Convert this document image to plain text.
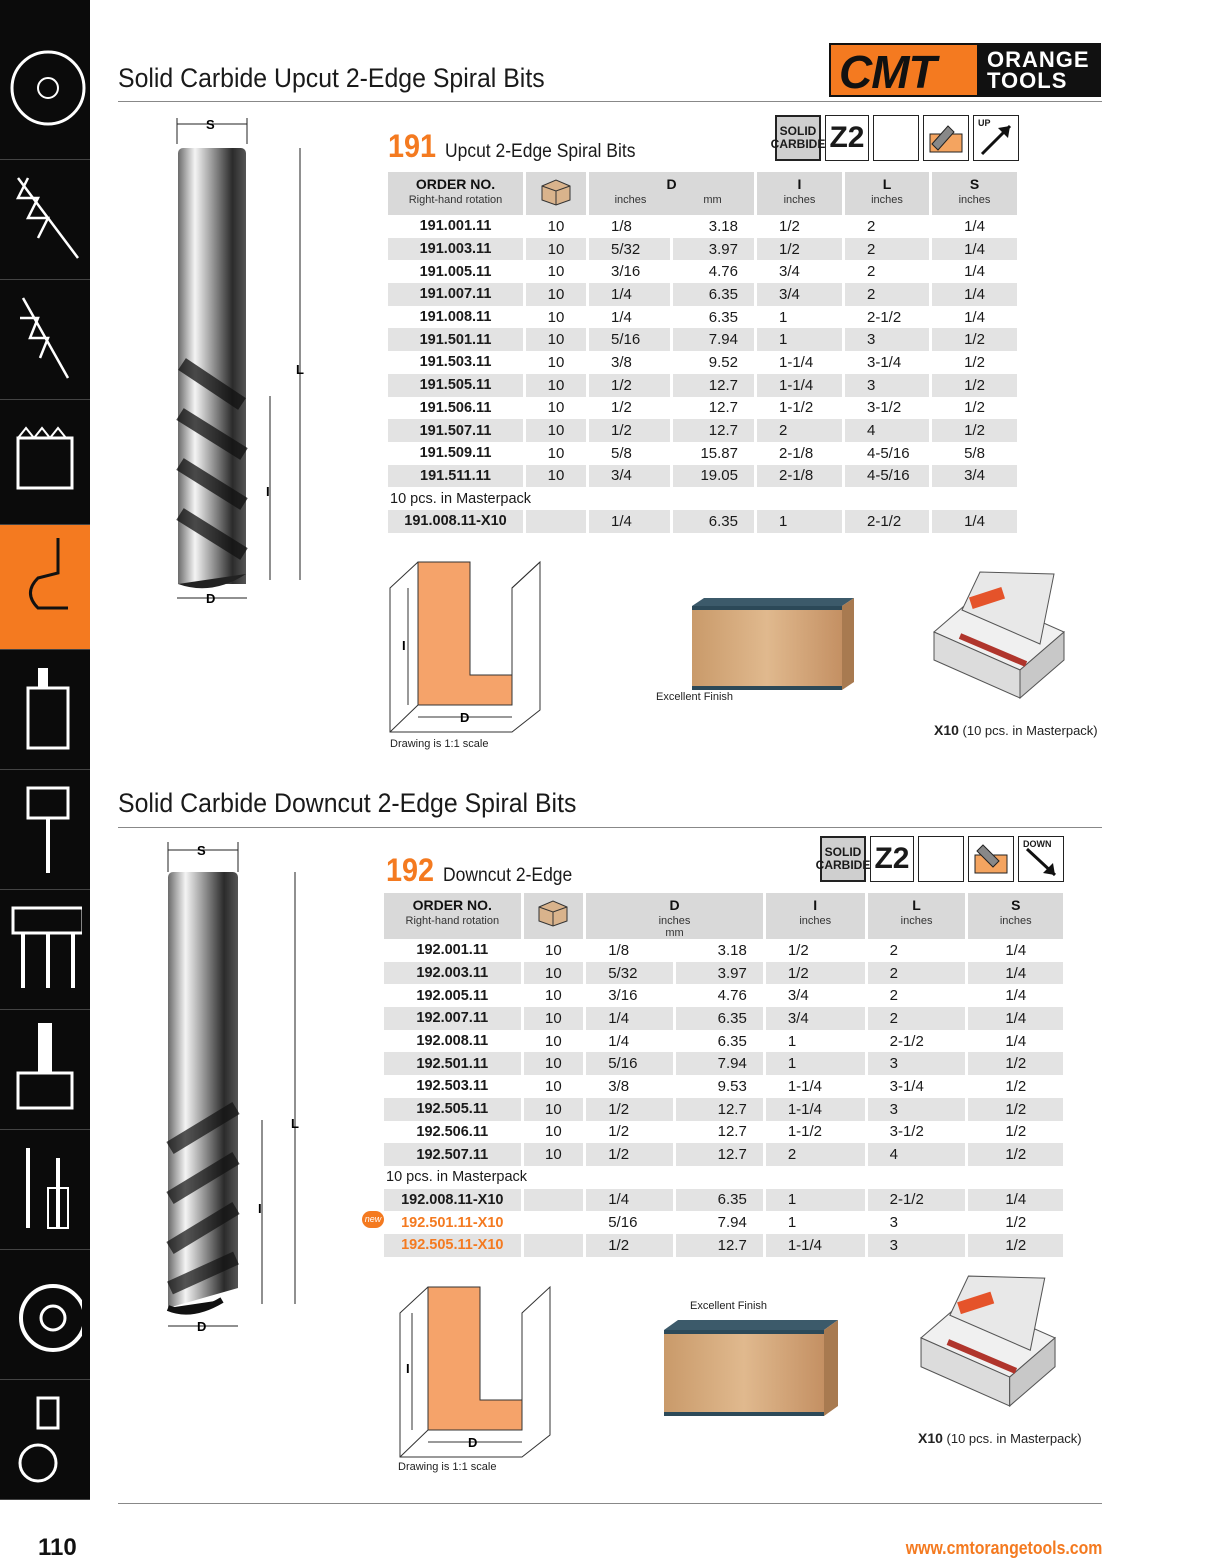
110
CMT	ORANGE
TOOLS
Solid Carbide Upcut 2-Edge Spiral Bits
S
L
I
D
191 Upcut 2-Edge Spiral Bits
SOLID
CARBIDE Z2	UP
ORDER NO.
Right-hand rotation		D
inches mm		I
inches	L
inches	S
inches
191.001.11	10	1/8	3.18	1/2	2	1/4
191.003.11	10	5/32	3.97	1/2	2	1/4
191.005.11	10	3/16	4.76	3/4	2	1/4
191.007.11	10	1/4	6.35	3/4	2	1/4
191.008.11	10	1/4	6.35	1	2-1/2	1/4
191.501.11	10	5/16	7.94	1	3	1/2
191.503.11	10	3/8	9.52	1-1/4	3-1/4	1/2
191.505.11	10	1/2	12.7	1-1/4	3	1/2
191.506.11	10	1/2	12.7	1-1/2	3-1/2	1/2
191.507.11	10	1/2	12.7	2	4	1/2
191.509.11	10	5/8	15.87	2-1/8	4-5/16	5/8
191.511.11	10	3/4	19.05	2-1/8	4-5/16	3/4
10 pcs. in Masterpack						
191.008.11-X10		1/4	6.35	1	2-1/2	1/4
I
D
Drawing is 1:1 scale
Excellent Finish
X10 (10 pcs. in Masterpack)
Solid Carbide Downcut 2-Edge Spiral Bits
S
L
I
D
192 Downcut 2-Edge
SOLID
CARBIDE Z2	DOWN
ORDER NO.
Right-hand rotation		D
inchesmm		I
inches	L
inches	S
inches
192.001.11	10	1/8	3.18	1/2	2	1/4
192.003.11	10	5/32	3.97	1/2	2	1/4
192.005.11	10	3/16	4.76	3/4	2	1/4
192.007.11	10	1/4	6.35	3/4	2	1/4
192.008.11	10	1/4	6.35	1	2-1/2	1/4
192.501.11	10	5/16	7.94	1	3	1/2
192.503.11	10	3/8	9.53	1-1/4	3-1/4	1/2
192.505.11	10	1/2	12.7	1-1/4	3	1/2
192.506.11	10	1/2	12.7	1-1/2	3-1/2	1/2
192.507.11	10	1/2	12.7	2	4	1/2
10 pcs. in Masterpack						
192.008.11-X10		1/4	6.35	1	2-1/2	1/4
192.501.11-X10		5/16	7.94	1	3	1/2
192.505.11-X10		1/2	12.7	1-1/4	3	1/2
new
I
D
Drawing is 1:1 scale
Excellent Finish
X10 (10 pcs. in Masterpack)
www.cmtorangetools.com
